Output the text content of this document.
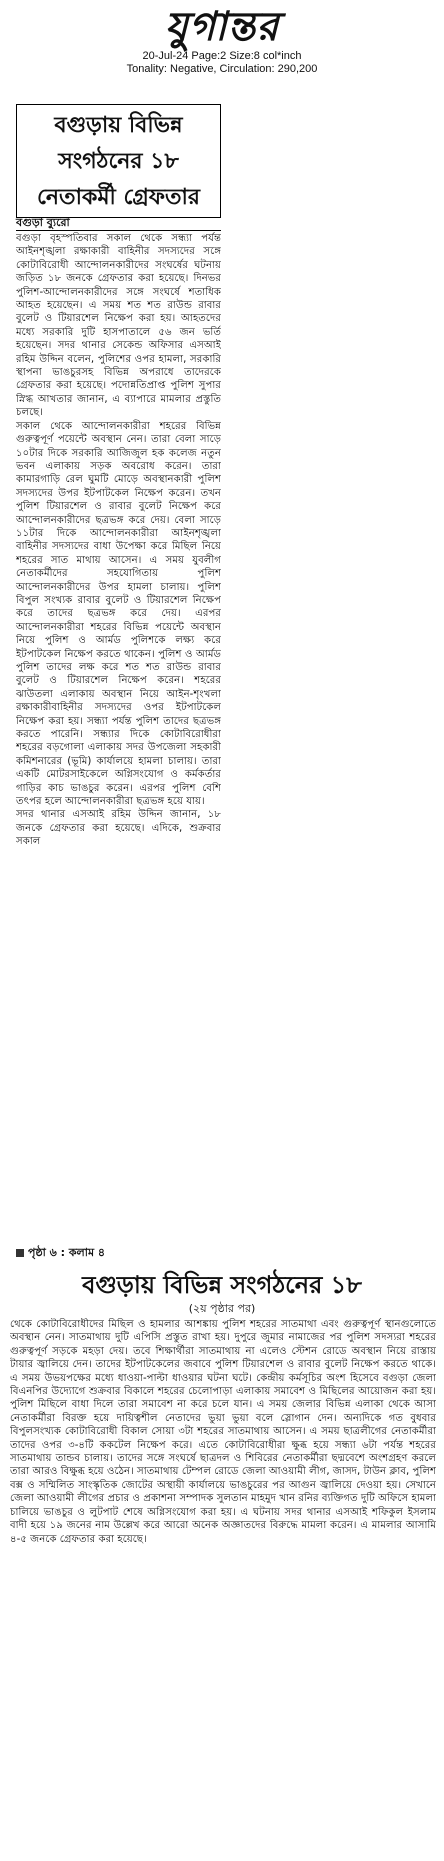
যুগান্তর
20-Jul-24 Page:2 Size:8 col*inch
Tonality: Negative, Circulation: 290,200
বগুড়ায় বিভিন্ন সংগঠনের ১৮ নেতাকর্মী গ্রেফতার
বগুড়া ব্যুরো

বগুড়া বৃহস্পতিবার সকাল থেকে সন্ধ্যা পর্যন্ত আইনশৃঙ্খলা রক্ষাকারী বাহিনীর সদস্যদের সঙ্গে কোটাবিরোধী আন্দোলনকারীদের সংঘর্ষের ঘটনায় জড়িত ১৮ জনকে গ্রেফতার করা হয়েছে। দিনভর পুলিশ-আন্দোলনকারীদের সঙ্গে সংঘর্ষে শতাধিক আহত হয়েছেন। এ সময় শত শত রাউন্ড রাবার বুলেট ও টিয়ারশেল নিক্ষেপ করা হয়। আহতদের মধ্যে সরকারি দুটি হাসপাতালে ৫৬ জন ভর্তি হয়েছেন। সদর থানার সেকেন্ড অফিসার এসআই রহিম উদ্দিন বলেন, পুলিশের ওপর হামলা, সরকারি স্থাপনা ভাঙচুরসহ বিভিন্ন অপরাধে তাদেরকে গ্রেফতার করা হয়েছে। পদোন্নতিপ্রাপ্ত পুলিশ সুপার স্নিগ্ধ আখতার জানান, এ ব্যাপারে মামলার প্রস্তুতি চলছে।

সকাল থেকে আন্দোলনকারীরা শহরের বিভিন্ন গুরুত্বপূর্ণ পয়েন্টে অবস্থান নেন। তারা বেলা সাড়ে ১০টার দিকে সরকারি আজিজুল হক কলেজ নতুন ভবন এলাকায় সড়ক অবরোধ করেন। তারা কামারগাড়ি রেল ঘুমটি মোড়ে অবস্থানকারী পুলিশ সদস্যদের উপর ইটপাটকেল নিক্ষেপ করেন। তখন পুলিশ টিয়ারশেল ও রাবার বুলেট নিক্ষেপ করে আন্দোলনকারীদের ছত্রভঙ্গ করে দেয়। বেলা সাড়ে ১১টার দিকে আন্দোলনকারীরা আইনশৃঙ্খলা বাহিনীর সদস্যদের বাধা উপেক্ষা করে মিছিল নিয়ে শহরের সাত মাথায় আসেন। এ সময় যুবলীগ নেতাকর্মীদের সহযোগিতায় পুলিশ আন্দোলনকারীদের উপর হামলা চালায়। পুলিশ বিপুল সংখ্যক রাবার বুলেট ও টিয়ারশেল নিক্ষেপ করে তাদের ছত্রভঙ্গ করে দেয়। এরপর আন্দোলনকারীরা শহরের বিভিন্ন পয়েন্টে অবস্থান নিয়ে পুলিশ ও আর্মড পুলিশকে লক্ষ্য করে ইটপাটকেল নিক্ষেপ করতে থাকেন। পুলিশ ও আর্মড পুলিশ তাদের লক্ষ করে শত শত রাউন্ড রাবার বুলেট ও টিয়ারশেল নিক্ষেপ করেন। শহরের ঝাউতলা এলাকায় অবস্থান নিয়ে আইন-শৃংখলা রক্ষাকারীবাহিনীর সদস্যদের ওপর ইটপাটকেল নিক্ষেপ করা হয়। সন্ধ্যা পর্যন্ত পুলিশ তাদের ছত্রভঙ্গ করতে পারেনি। সন্ধ্যার দিকে কোটাবিরোধীরা শহরের বড়গোলা এলাকায় সদর উপজেলা সহকারী কমিশনারের (ভূমি) কার্যালয়ে হামলা চালায়। তারা একটি মোটরসাইকেলে অগ্নিসংযোগ ও কর্মকর্তার গাড়ির কাচ ভাঙচুর করেন। এরপর পুলিশ বেশি তৎপর হলে আন্দোলনকারীরা ছত্রভঙ্গ হয়ে যায়।

সদর থানার এসআই রহিম উদ্দিন জানান, ১৮ জনকে গ্রেফতার করা হয়েছে। এদিকে, শুক্রবার সকাল

পৃষ্ঠা ৬ : কলাম ৪
বগুড়ায় বিভিন্ন সংগঠনের ১৮
(২য় পৃষ্ঠার পর)

থেকে কোটাবিরোধীদের মিছিল ও হামলার আশঙ্কায় পুলিশ শহরের সাতমাথা এবং গুরুত্বপূর্ণ স্থানগুলোতে অবস্থান নেন। সাতমাথায় দুটি এপিসি প্রস্তুত রাখা হয়। দুপুরে জুমার নামাজের পর পুলিশ সদস্যরা শহরের গুরুত্বপূর্ণ সড়কে মহড়া দেয়। তবে শিক্ষার্থীরা সাতমাথায় না এলেও স্টেশন রোডে অবস্থান নিয়ে রাস্তায় টায়ার জ্বালিয়ে দেন। তাদের ইটপাটকেলের জবাবে পুলিশ টিয়ারশেল ও রাবার বুলেট নিক্ষেপ করতে থাকে। এ সময় উভয়পক্ষের মধ্যে ধাওয়া-পাল্টা ধাওয়ার ঘটনা ঘটে। কেন্দ্রীয় কর্মসূচির অংশ হিসেবে বগুড়া জেলা বিএনপির উদ্যোগে শুক্রবার বিকালে শহরের চেলোপাড়া এলাকায় সমাবেশ ও মিছিলের আয়োজন করা হয়। পুলিশ মিছিলে বাধা দিলে তারা সমাবেশ না করে চলে যান। এ সময় জেলার বিভিন্ন এলাকা থেকে আসা নেতাকর্মীরা বিরক্ত হয়ে দায়িত্বশীল নেতাদের ভুয়া ভুয়া বলে স্লোগান দেন। অন্যদিকে গত বুধবার বিপুলসংখ্যক কোটাবিরোধী বিকাল সোয়া ৩টা শহরের সাতমাথায় আসেন। এ সময় ছাত্রলীগের নেতাকর্মীরা তাদের ওপর ৩-৪টি ককটেল নিক্ষেপ করে। এতে কোটাবিরোধীরা ক্ষুব্ধ হয়ে সন্ধ্যা ৬টা পর্যন্ত শহরের সাতমাথায় তান্ডব চালায়। তাদের সঙ্গে সংঘর্ষে ছাত্রদল ও শিবিরের নেতাকর্মীরা ছদ্মবেশে অংশগ্রহণ করলে তারা আরও বিক্ষুব্ধ হয়ে ওঠেন। সাতমাথায় টেম্পল রোডে জেলা আওয়ামী লীগ, জাসদ, টাউন ক্লাব, পুলিশ বক্স ও সম্মিলিত সাংস্কৃতিক জোটের অস্থায়ী কার্যালয়ে ভাঙচুরের পর আগুন জ্বালিয়ে দেওয়া হয়। সেখানে জেলা আওয়ামী লীগের প্রচার ও প্রকাশনা সম্পাদক সুলতান মাহমুদ খান রনির ব্যক্তিগত দুটি অফিসে হামলা চালিয়ে ভাঙচুর ও লুটপাট শেষে অগ্নিসংযোগ করা হয়। এ ঘটনায় সদর থানার এসআই শফিকুল ইসলাম বাদী হয়ে ১৯ জনের নাম উল্লেখ করে আরো অনেক অজ্ঞাতদের বিরুদ্ধে মামলা করেন। এ মামলার আসামি ৪-৫ জনকে গ্রেফতার করা হয়েছে।
